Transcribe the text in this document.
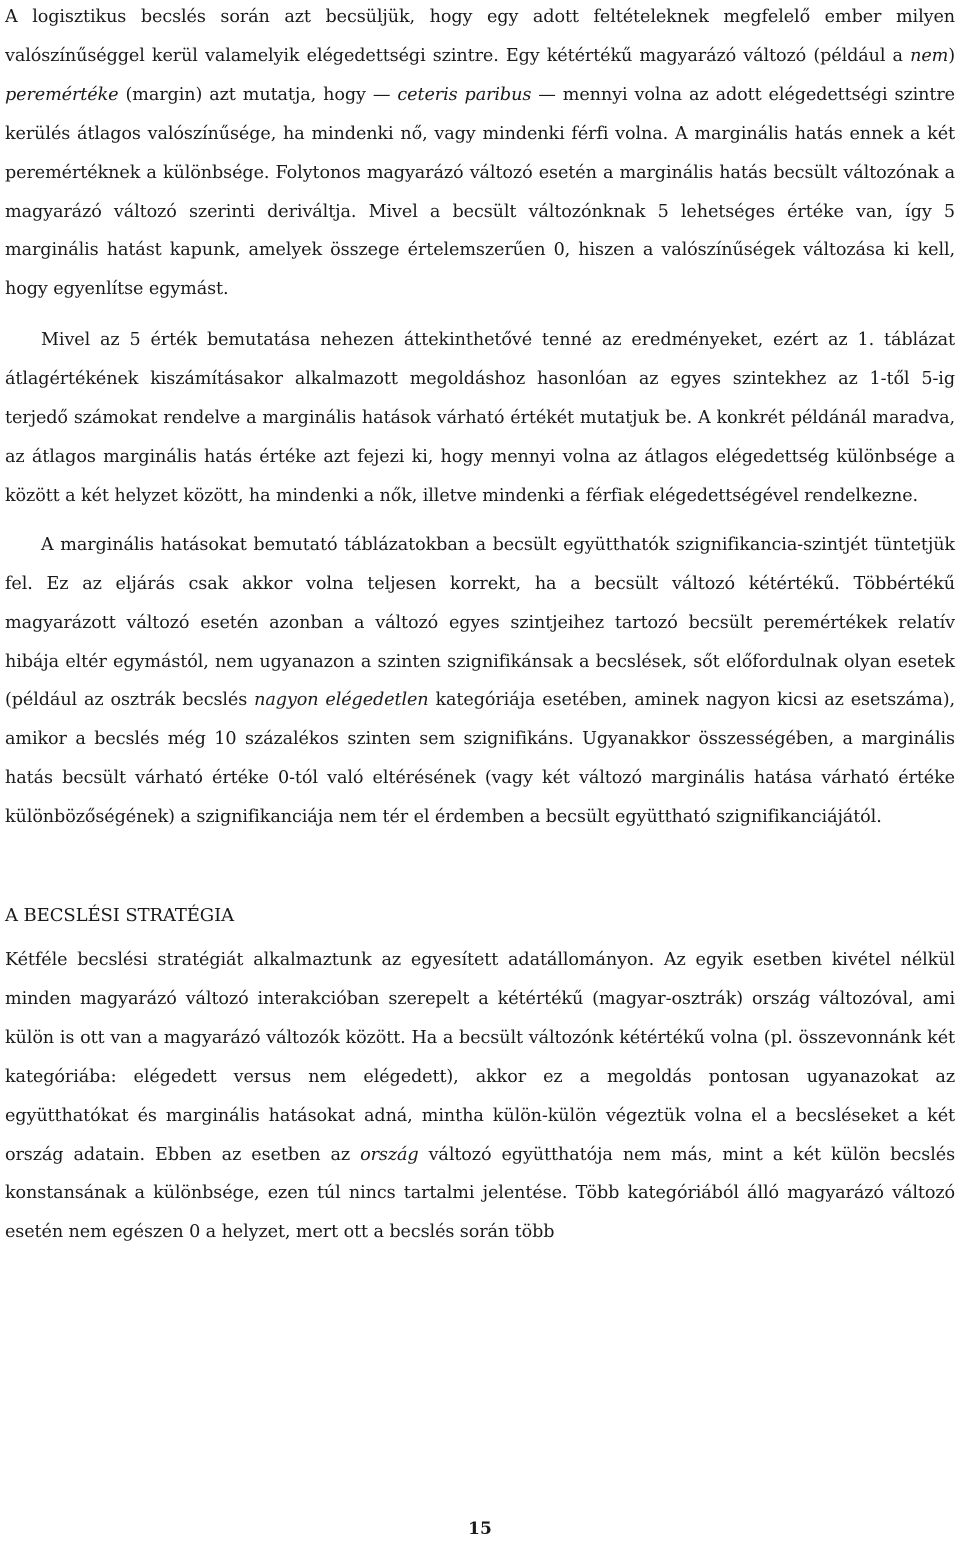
A logisztikus becslés során azt becsüljük, hogy egy adott feltételeknek megfelelő ember milyen valószínűséggel kerül valamelyik elégedettségi szintre. Egy kétértékű magyarázó változó (például a nem) peremértéke (margin) azt mutatja, hogy — ceteris paribus — mennyi volna az adott elégedettségi szintre kerülés átlagos valószínűsége, ha mindenki nő, vagy mindenki férfi volna. A marginális hatás ennek a két peremértéknek a különbsége. Folytonos magyarázó változó esetén a marginális hatás becsült változónak a magyarázó változó szerinti deriváltja. Mivel a becsült változónknak 5 lehetséges értéke van, így 5 marginális hatást kapunk, amelyek összege értelemszerűen 0, hiszen a valószínűségek változása ki kell, hogy egyenlítse egymást.

Mivel az 5 érték bemutatása nehezen áttekinthetővé tenné az eredményeket, ezért az 1. táblázat átlagértékének kiszámításakor alkalmazott megoldáshoz hasonlóan az egyes szintekhez az 1-től 5-ig terjedő számokat rendelve a marginális hatások várható értékét mutatjuk be. A konkrét példánál maradva, az átlagos marginális hatás értéke azt fejezi ki, hogy mennyi volna az átlagos elégedettség különbsége a között a két helyzet között, ha mindenki a nők, illetve mindenki a férfiak elégedettségével rendelkezne.

A marginális hatásokat bemutató táblázatokban a becsült együtthatók szignifikancia-szintjét tüntetjük fel. Ez az eljárás csak akkor volna teljesen korrekt, ha a becsült változó kétértékű. Többértékű magyarázott változó esetén azonban a változó egyes szintjeihez tartozó becsült peremértékek relatív hibája eltér egymástól, nem ugyanazon a szinten szignifikánsak a becslések, sőt előfordulnak olyan esetek (például az osztrák becslés nagyon elégedetlen kategóriája esetében, aminek nagyon kicsi az esetszáma), amikor a becslés még 10 százalékos szinten sem szignifikáns. Ugyanakkor összességében, a marginális hatás becsült várható értéke 0-tól való eltérésének (vagy két változó marginális hatása várható értéke különbözőségének) a szignifikanciája nem tér el érdemben a becsült együttható szignifikanciájától.

A BECSLÉSI STRATÉGIA

Kétféle becslési stratégiát alkalmaztunk az egyesített adatállományon. Az egyik esetben kivétel nélkül minden magyarázó változó interakcióban szerepelt a kétértékű (magyar-osztrák) ország változóval, ami külön is ott van a magyarázó változók között. Ha a becsült változónk kétértékű volna (pl. összevonnánk két kategóriába: elégedett versus nem elégedett), akkor ez a megoldás pontosan ugyanazokat az együtthatókat és marginális hatásokat adná, mintha külön-külön végeztük volna el a becsléseket a két ország adatain. Ebben az esetben az ország változó együtthatója nem más, mint a két külön becslés konstansának a különbsége, ezen túl nincs tartalmi jelentése. Több kategóriából álló magyarázó változó esetén nem egészen 0 a helyzet, mert ott a becslés során több

15
